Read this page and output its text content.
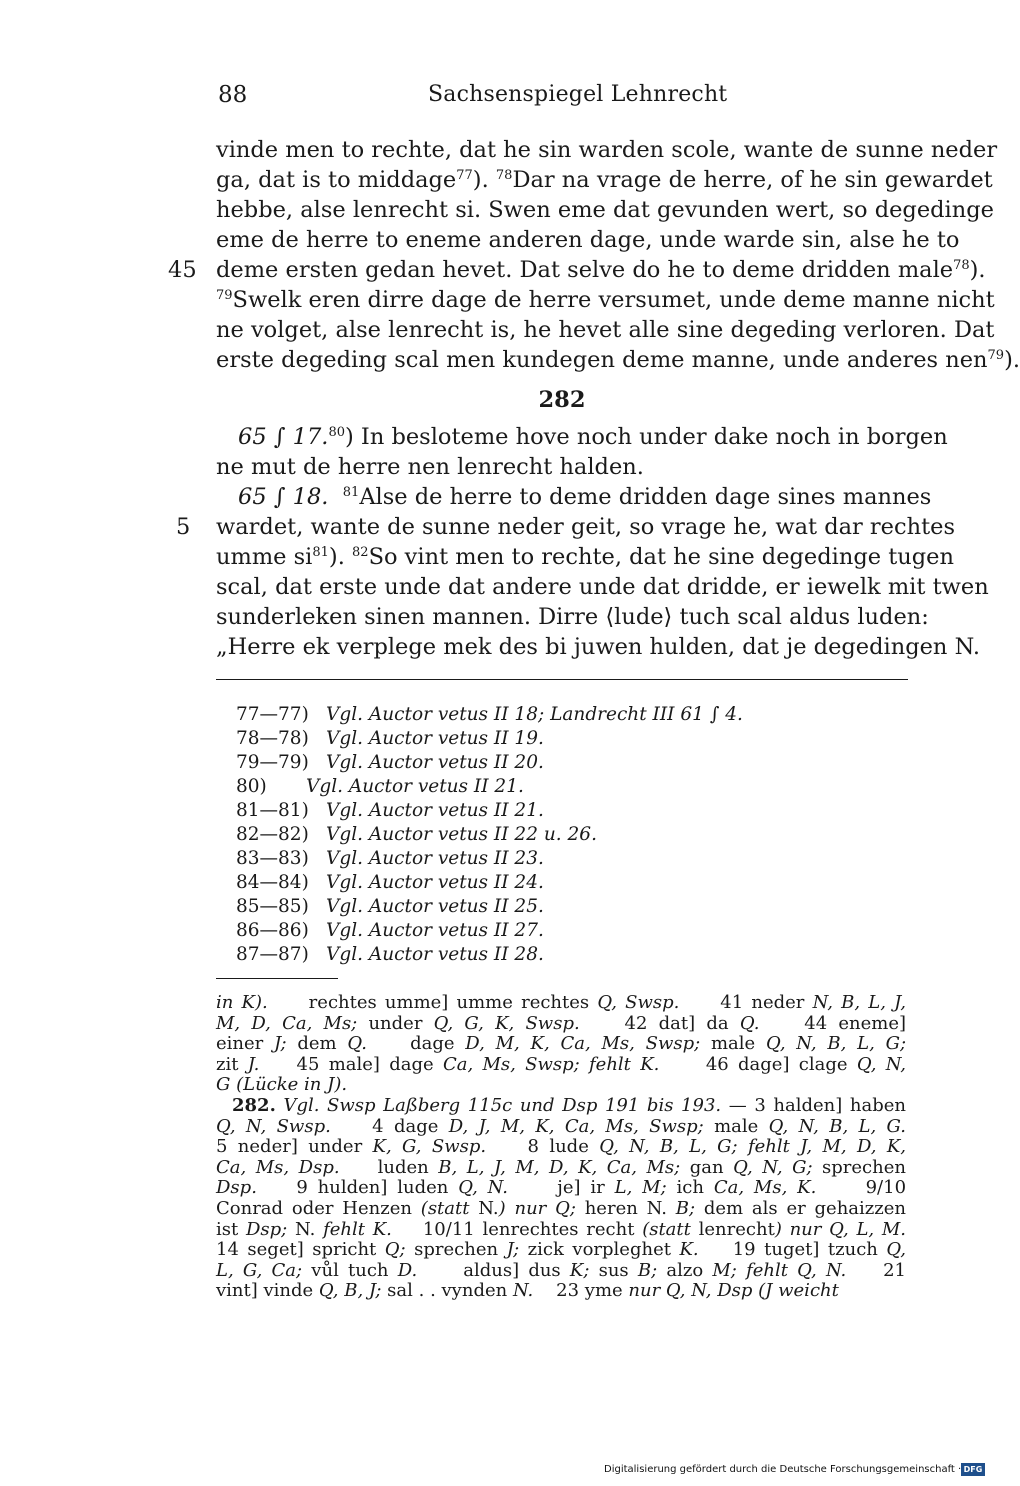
88	Sachsenspiegel Lehnrecht
vinde men to rechte, dat he sin warden scole, wante de sunne neder
ga, dat is to middage$^{77}$). $^{78}$Dar na vrage de herre, of he sin gewardet
hebbe, alse lenrecht si. Swen eme dat gevunden wert, so degedinge
eme de herre to eneme anderen dage, unde warde sin, alse he to
deme ersten gedan hevet. Dat selve do he to deme dridden male$^{78}$).
$^{79}$Swelk eren dirre dage de herre versumet, unde deme manne nicht
ne volget, alse lenrecht is, he hevet alle sine degeding verloren. Dat
erste degeding scal men kundegen deme manne, unde anderes nen$^{79}$).
282
65 ∫ 17.80) In besloteme hove noch under dake noch in borgen
ne mut de herre nen lenrecht halden.
65 ∫ 18. $^{81}$Alse de herre to deme dridden dage sines mannes
wardet, wante de sunne neder geit, so vrage he, wat dar rechtes
umme $si^{81}$). $^{82}$So vint men to rechte, dat he sine degedinge tugen
scal, dat erste unde dat andere unde dat dridde, er iewelk mit twen
sunderleken sinen mannen. Dirre ⟨lude⟩ tuch scal aldus luden:
„Herre ek verplege mek des bi juwen hulden, dat je degedingen N.
45
5
77—77) Vgl. Auctor vetus II 18; Landrecht III 61 ∫ 4.
78—78) Vgl. Auctor vetus II 19.
79—79) Vgl. Auctor vetus II 20.
80) Vgl. Auctor vetus II 21.
81—81) Vgl. Auctor vetus II 21.
82—82) Vgl. Auctor vetus II 22 u. 26.
83—83) Vgl. Auctor vetus II 23.
84—84) Vgl. Auctor vetus II 24.
85—85) Vgl. Auctor vetus II 25.
86—86) Vgl. Auctor vetus II 27.
87—87) Vgl. Auctor vetus II 28.
in K).     rechtes umme] umme rechtes Q, Swsp.     41 neder N, B, L, J,
M, D, Ca, Ms; under Q, G, K, Swsp.    42 dat] da Q.    44 eneme]
einer J; dem Q.    dage D, M, K, Ca, Ms, Swsp; male Q, N, B, L, G;
zit J.    45 male] dage Ca, Ms, Swsp; fehlt K.     46 dage] clage Q, N,
G (Lücke in J).
282. Vgl. Swsp Laßberg 115c und Dsp 191 bis 193. — 3 halden] haben
Q, N, Swsp.    4 dage D, J, M, K, Ca, Ms, Swsp; male Q, N, B, L, G.
5 neder] under K, G, Swsp.    8 lude Q, N, B, L, G; fehlt J, M, D, K,
Ca, Ms, Dsp.    luden B, L, J, M, D, K, Ca, Ms; gan Q, N, G; sprechen
Dsp.    9 hulden] luden Q, N.     je] ir L, M; ich Ca, Ms, K.     9/10
Conrad oder Henzen (statt N.) nur Q; heren N. B; dem als er gehaizzen
ist Dsp; N. fehlt K.    10/11 lenrechtes recht (statt lenrecht) nur Q, L, M.
14 seget] spricht Q; sprechen J; zick vorpleghet K.    19 tuget] tzuch Q,
L, G, Ca; vůl tuch D.     aldus] dus K; sus B; alzo M; fehlt Q, N.    21
vint] vinde Q, B, J; sal . . vynden N.    23 yme nur Q, N, Dsp (J weicht
Digitalisierung gefördert durch die Deutsche Forschungsgemeinschaft · DFG
